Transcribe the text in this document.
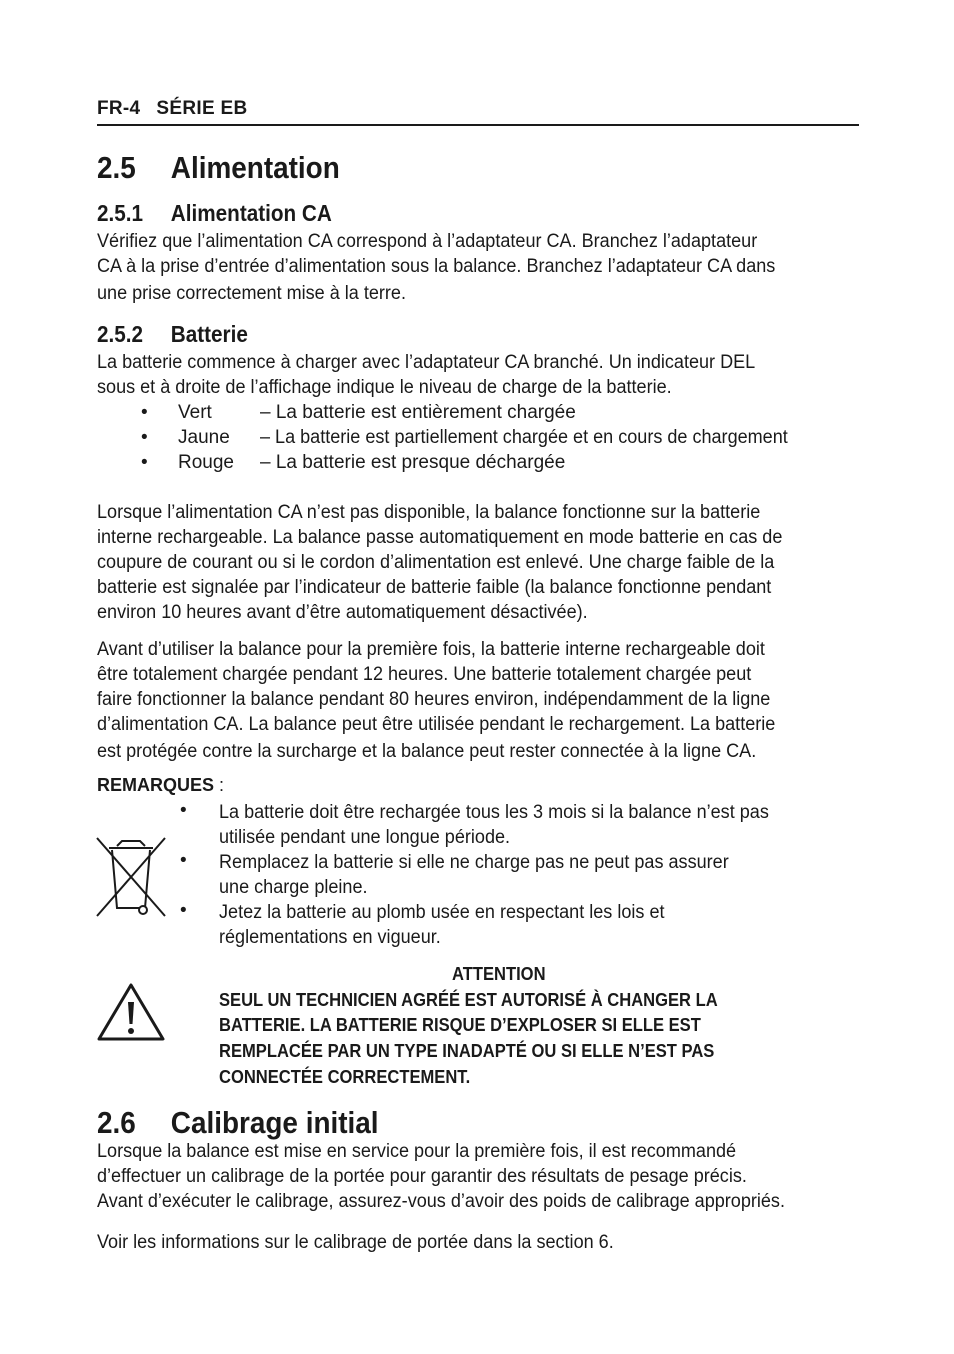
FR-4 SÉRIE EB
2.5 Alimentation
2.5.1 Alimentation CA
Vérifiez que l’alimentation CA correspond à l’adaptateur CA. Branchez l’adaptateur
CA à la prise d’entrée d’alimentation sous la balance. Branchez l’adaptateur CA dans
une prise correctement mise à la terre.
2.5.2 Batterie
La batterie commence à charger avec l’adaptateur CA branché. Un indicateur DEL
sous et à droite de l’affichage indique le niveau de charge de la batterie.
• Vert	– La batterie est entièrement chargée
• Jaune – La batterie est partiellement chargée et en cours de chargement
• Rouge – La batterie est presque déchargée
Lorsque l’alimentation CA n’est pas disponible, la balance fonctionne sur la batterie
interne rechargeable. La balance passe automatiquement en mode batterie en cas de
coupure de courant ou si le cordon d’alimentation est enlevé. Une charge faible de la
batterie est signalée par l’indicateur de batterie faible (la balance fonctionne pendant
environ 10 heures avant d’être automatiquement désactivée).
Avant d’utiliser la balance pour la première fois, la batterie interne rechargeable doit
être totalement chargée pendant 12 heures. Une batterie totalement chargée peut
faire fonctionner la balance pendant 80 heures environ, indépendamment de la ligne
d’alimentation CA. La balance peut être utilisée pendant le rechargement. La batterie
est protégée contre la surcharge et la balance peut rester connectée à la ligne CA.
REMARQUES :
• La batterie doit être rechargée tous les 3 mois si la balance n’est pas
utilisée pendant une longue période.
• Remplacez la batterie si elle ne charge pas ne peut pas assurer
une charge pleine.
• Jetez la batterie au plomb usée en respectant les lois et
réglementations en vigueur.
ATTENTION
SEUL UN TECHNICIEN AGRÉÉ EST AUTORISÉ À CHANGER LA
BATTERIE. LA BATTERIE RISQUE D’EXPLOSER SI ELLE EST
REMPLACÉE PAR UN TYPE INADAPTÉ OU SI ELLE N’EST PAS
CONNECTÉE CORRECTEMENT.
2.6 Calibrage initial
Lorsque la balance est mise en service pour la première fois, il est recommandé
d’effectuer un calibrage de la portée pour garantir des résultats de pesage précis.
Avant d’exécuter le calibrage, assurez-vous d’avoir des poids de calibrage appropriés.
Voir les informations sur le calibrage de portée dans la section 6.
